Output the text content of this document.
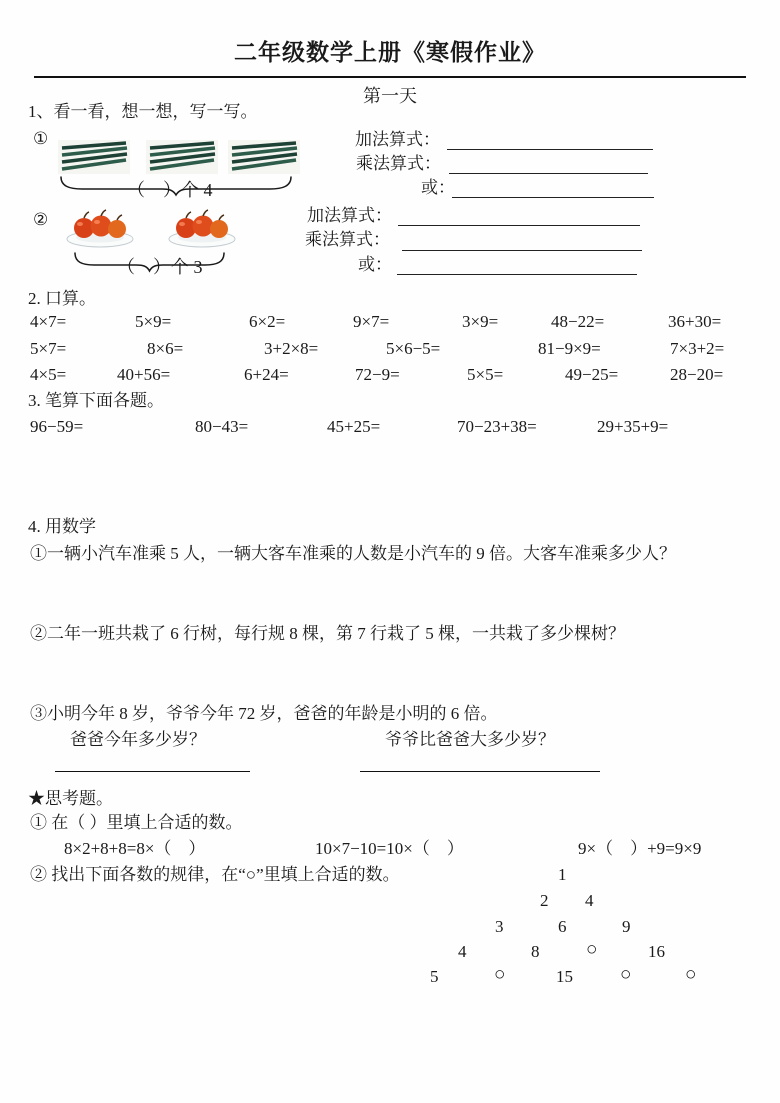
二年级数学上册《寒假作业》
第一天
1、看一看，想一想，写一写。
①
（　）个 4
加法算式：
乘法算式：
或：
②
（　）个 3
加法算式：
乘法算式：
或：
2. 口算。
4×7=	5×9=	6×2=	9×7=	3×9=	48−22=	36+30=
5×7=	8×6=	3+2×8=	5×6−5=	81−9×9=	7×3+2=
4×5=	40+56=	6+24=	72−9=	5×5=	49−25=	28−20=
3. 笔算下面各题。
96−59=	80−43=	45+25=	70−23+38=	29+35+9=
4. 用数学
①一辆小汽车准乘 5 人，一辆大客车准乘的人数是小汽车的 9 倍。大客车准乘多少人？
②二年一班共栽了 6 行树，每行规 8 棵，第 7 行栽了 5 棵，一共栽了多少棵树？
③小明今年 8 岁，爷爷今年 72 岁，爸爸的年龄是小明的 6 倍。
爸爸今年多少岁？	爷爷比爸爸大多少岁？
★思考题。
① 在（ ）里填上合适的数。
8×2+8+8=8×（　）	10×7−10=10×（　）	9×（　）+9=9×9
② 找出下面各数的规律，在“○”里填上合适的数。	1
2 4
3	6	9
4	8 ○	16
5	○	15 ○	○
